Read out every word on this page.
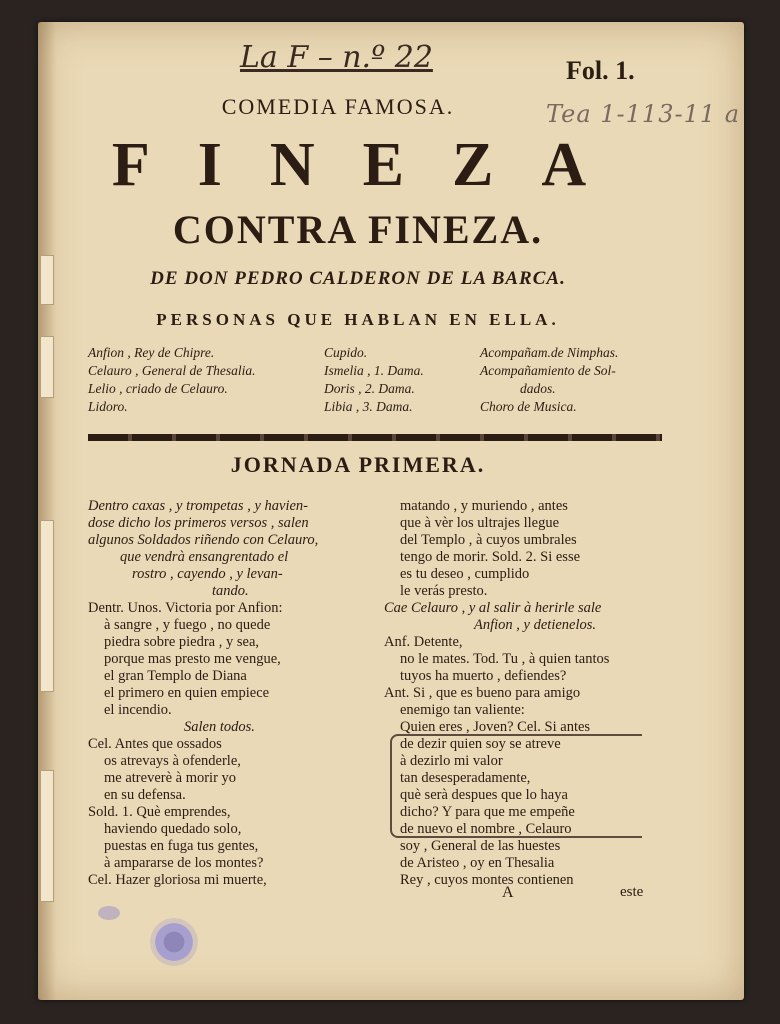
La F – n.º 22	Fol. 1.
Tea 1-113-11 a
COMEDIA FAMOSA.
FINEZA
CONTRA FINEZA.
DE DON PEDRO CALDERON DE LA BARCA.
PERSONAS QUE HABLAN EN ELLA.
Anfion , Rey de Chipre.
Celauro , General de Thesalia.
Lelio , criado de Celauro.
Lidoro.
Cupido.
Ismelia , 1. Dama.
Doris , 2. Dama.
Libia , 3. Dama.
Acompañam.de Nimphas.
Acompañamiento de Sol-
dados.
Choro de Musica.
JORNADA PRIMERA.
Dentro caxas , y trompetas , y havien-
dose dicho los primeros versos , salen
algunos Soldados riñendo con Celauro,
que vendrà ensangrentado el
rostro , cayendo , y levan-
tando.
Dentr. Unos. Victoria por Anfion:
à sangre , y fuego , no quede
piedra sobre piedra , y sea,
porque mas presto me vengue,
el gran Templo de Diana
el primero en quien empiece
el incendio.
Salen todos.
Cel. Antes que ossados
os atrevays à ofenderle,
me atreverè à morir yo
en su defensa.
Sold. 1. Què emprendes,
haviendo quedado solo,
puestas en fuga tus gentes,
à ampararse de los montes?
Cel. Hazer gloriosa mi muerte,
matando , y muriendo , antes
que à vèr los ultrajes llegue
del Templo , à cuyos umbrales
tengo de morir. Sold. 2. Si esse
es tu deseo , cumplido
le verás presto.
Cae Celauro , y al salir à herirle sale
Anfion , y detienelos.
Anf. Detente,
no le mates. Tod. Tu , à quien tantos
tuyos ha muerto , defiendes?
Ant. Si , que es bueno para amigo
enemigo tan valiente:
Quien eres , Joven? Cel. Si antes
de dezir quien soy se atreve
à dezirlo mi valor
tan desesperadamente,
què serà despues que lo haya
dicho? Y para que me empeñe
de nuevo el nombre , Celauro
soy , General de las huestes
de Aristeo , oy en Thesalia
Rey , cuyos montes contienen
A	este
